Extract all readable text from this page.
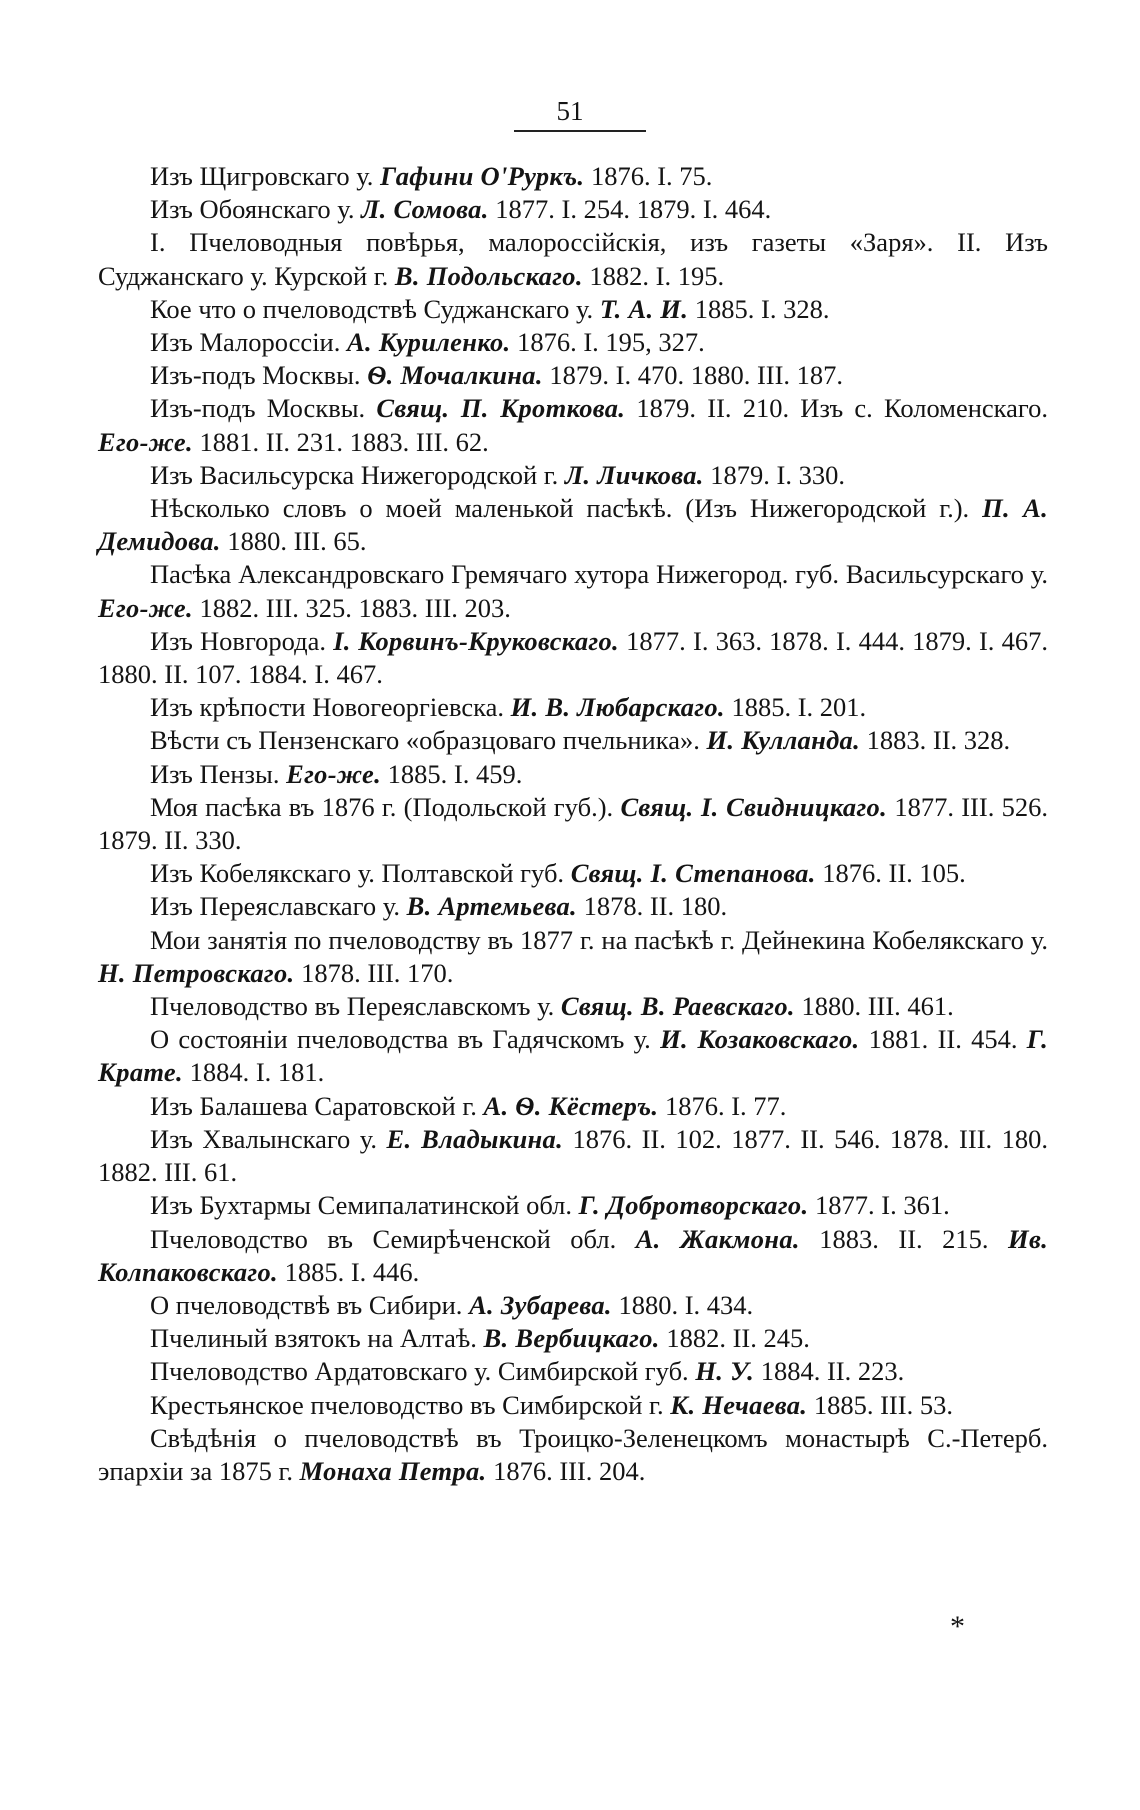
51

Изъ Щигровскаго у. Гафини О'Руркъ. 1876. I. 75.

Изъ Обоянскаго у. Л. Сомова. 1877. I. 254. 1879. I. 464.

I. Пчеловодныя повѣрья, малороссійскія, изъ газеты «Заря». II. Изъ Суджанскаго у. Курской г. В. Подольскаго. 1882. I. 195.

Кое что о пчеловодствѣ Суджанскаго у. Т. А. И. 1885. I. 328.

Изъ Малороссіи. А. Куриленко. 1876. I. 195, 327.

Изъ-подъ Москвы. Ѳ. Мочалкина. 1879. I. 470. 1880. III. 187.

Изъ-подъ Москвы. Свящ. П. Кроткова. 1879. II. 210. Изъ с. Коломенскаго. Его-же. 1881. II. 231. 1883. III. 62.

Изъ Васильсурска Нижегородской г. Л. Личкова. 1879. I. 330.

Нѣсколько словъ о моей маленькой пасѣкѣ. (Изъ Нижегородской г.). П. А. Демидова. 1880. III. 65.

Пасѣка Александровскаго Гремячаго хутора Нижегород. губ. Васильсурскаго у. Его-же. 1882. III. 325. 1883. III. 203.

Изъ Новгорода. I. Корвинъ-Круковскаго. 1877. I. 363. 1878. I. 444. 1879. I. 467. 1880. II. 107. 1884. I. 467.

Изъ крѣпости Новогеоргіевска. И. В. Любарскаго. 1885. I. 201.

Вѣсти съ Пензенскаго «образцоваго пчельника». И. Кулланда. 1883. II. 328.

Изъ Пензы. Его-же. 1885. I. 459.

Моя пасѣка въ 1876 г. (Подольской губ.). Свящ. I. Свидницкаго. 1877. III. 526. 1879. II. 330.

Изъ Кобелякскаго у. Полтавской губ. Свящ. I. Степанова. 1876. II. 105.

Изъ Переяславскаго у. В. Артемьева. 1878. II. 180.

Мои занятія по пчеловодству въ 1877 г. на пасѣкѣ г. Дейнекина Кобелякскаго у. Н. Петровскаго. 1878. III. 170.

Пчеловодство въ Переяславскомъ у. Свящ. В. Раевскаго. 1880. III. 461.

О состояніи пчеловодства въ Гадячскомъ у. И. Козаковскаго. 1881. II. 454. Г. Крате. 1884. I. 181.

Изъ Балашева Саратовской г. А. Ѳ. Кёстеръ. 1876. I. 77.

Изъ Хвалынскаго у. Е. Владыкина. 1876. II. 102. 1877. II. 546. 1878. III. 180. 1882. III. 61.

Изъ Бухтармы Семипалатинской обл. Г. Добротворскаго. 1877. I. 361.

Пчеловодство въ Семирѣченской обл. А. Жакмона. 1883. II. 215. Ив. Колпаковскаго. 1885. I. 446.

О пчеловодствѣ въ Сибири. А. Зубарева. 1880. I. 434.

Пчелиный взятокъ на Алтаѣ. В. Вербицкаго. 1882. II. 245.

Пчеловодство Ардатовскаго у. Симбирской губ. Н. У. 1884. II. 223.

Крестьянское пчеловодство въ Симбирской г. К. Нечаева. 1885. III. 53.

Свѣдѣнія о пчеловодствѣ въ Троицко-Зеленецкомъ монастырѣ С.-Петерб. эпархіи за 1875 г. Монаха Петра. 1876. III. 204.

*
